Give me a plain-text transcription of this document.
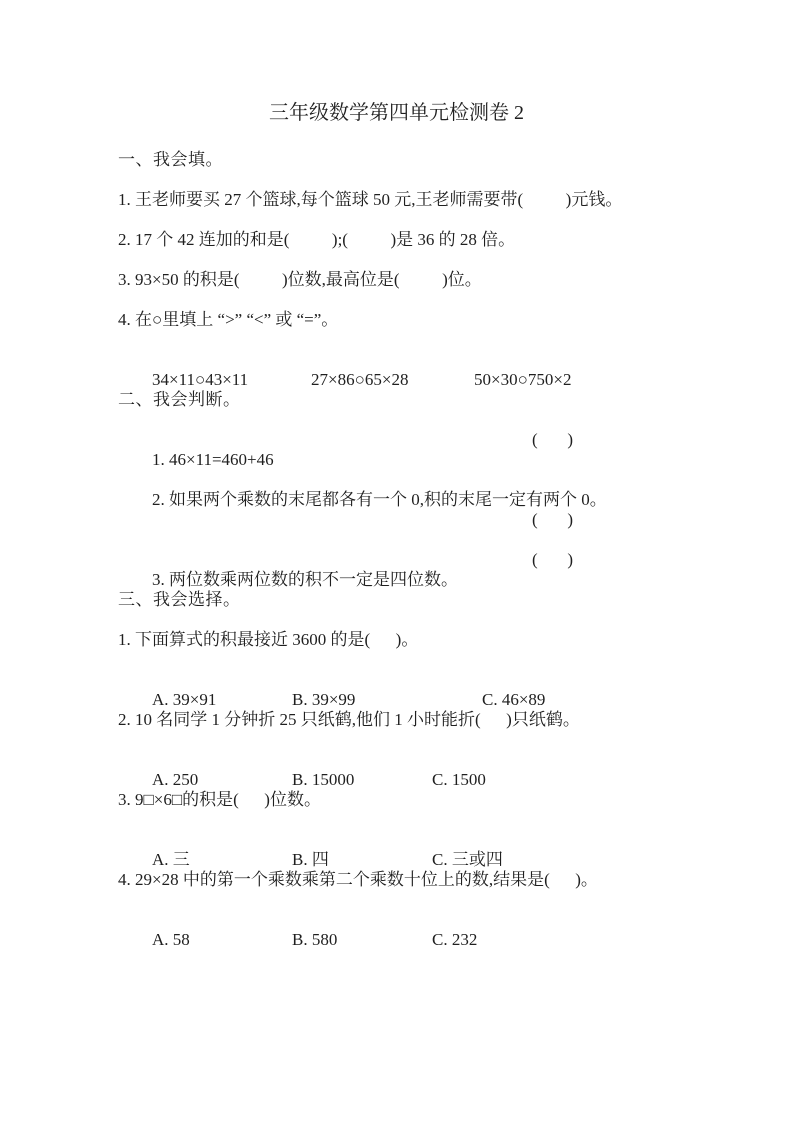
三年级数学第四单元检测卷 2
一、我会填。
1. 王老师要买 27 个篮球,每个篮球 50 元,王老师需要带(          )元钱。
2. 17 个 42 连加的和是(          );(          )是 36 的 28 倍。
3. 93×50 的积是(          )位数,最高位是(          )位。
4. 在○里填上 “>” “<” 或 “=”。

34×11○43×11	27×86○65×28	50×30○750×2

二、我会判断。

1. 46×11=460+46

(       )

2. 如果两个乘数的末尾都各有一个 0,积的末尾一定有两个 0。

(       )

3. 两位数乘两位数的积不一定是四位数。

(       )

三、我会选择。
1. 下面算式的积最接近 3600 的是(      )。

A. 39×91	B. 39×99	C. 46×89

2. 10 名同学 1 分钟折 25 只纸鹤,他们 1 小时能折(      )只纸鹤。

A. 250	B. 15000	C. 1500

3. 9□×6□的积是(      )位数。

A. 三	B. 四	C. 三或四

4. 29×28 中的第一个乘数乘第二个乘数十位上的数,结果是(      )。

A. 58	B. 580	C. 232
